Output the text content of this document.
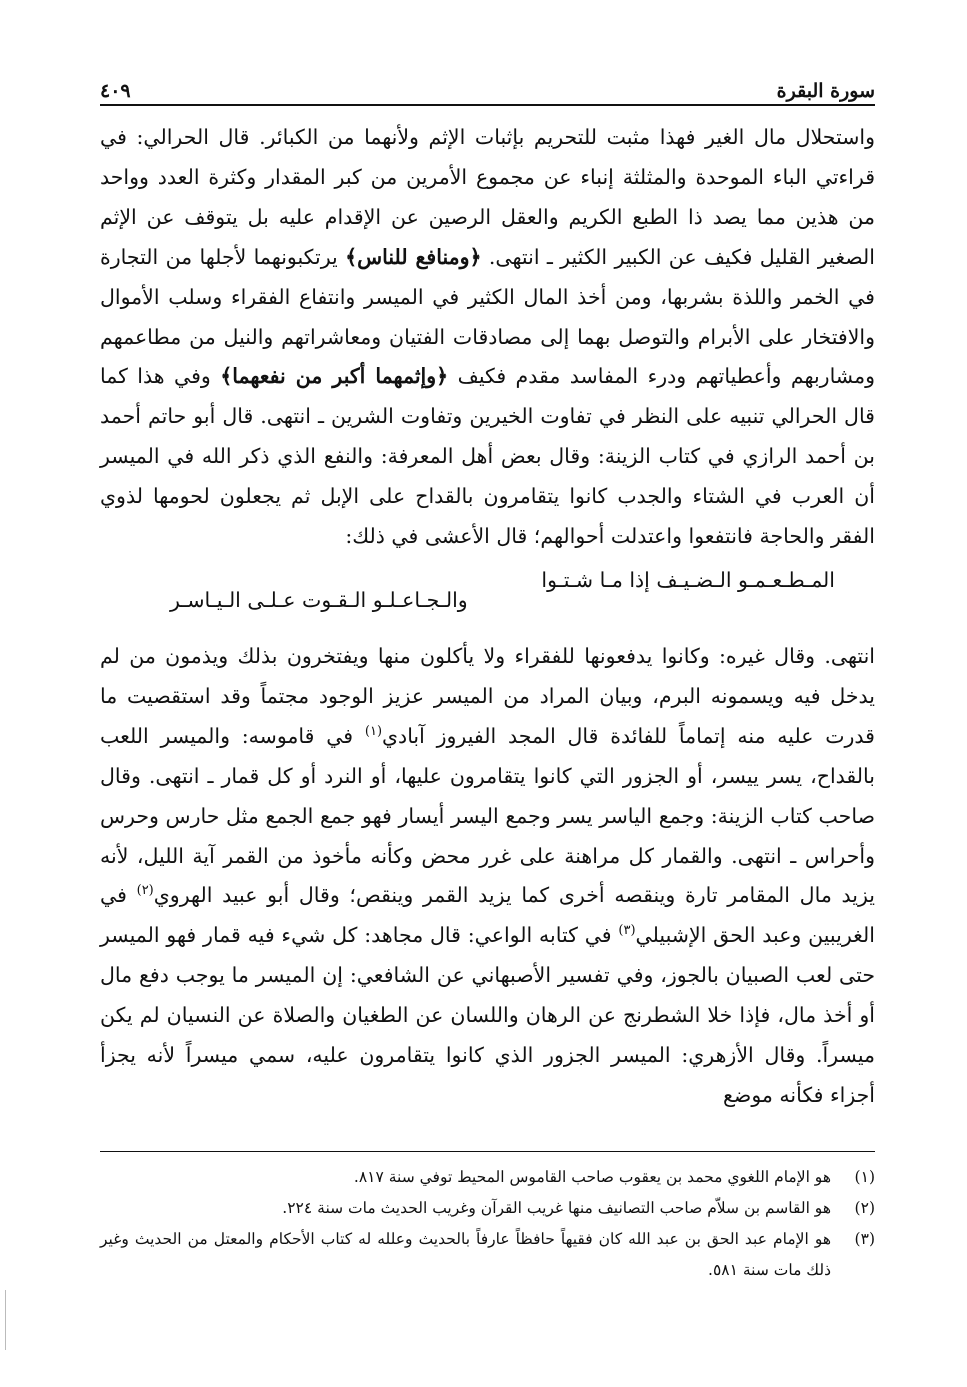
سورة البقرة
٤٠٩

واستحلال مال الغير فهذا مثبت للتحريم بإثبات الإثم ولأنهما من الكبائر. قال الحرالي: في قراءتي الباء الموحدة والمثلثة إنباء عن مجموع الأمرين من كبر المقدار وكثرة العدد وواحد من هذين مما يصد ذا الطبع الكريم والعقل الرصين عن الإقدام عليه بل يتوقف عن الإثم الصغير القليل فكيف عن الكبير الكثير ـ انتهى. ﴿ومنافع للناس﴾ يرتكبونهما لأجلها من التجارة في الخمر واللذة بشربها، ومن أخذ المال الكثير في الميسر وانتفاع الفقراء وسلب الأموال والافتخار على الأبرام والتوصل بهما إلى مصادقات الفتيان ومعاشراتهم والنيل من مطاعمهم ومشاربهم وأعطياتهم ودرء المفاسد مقدم فكيف ﴿وإثمهما أكبر من نفعهما﴾ وفي هذا كما قال الحرالي تنبيه على النظر في تفاوت الخيرين وتفاوت الشرين ـ انتهى. قال أبو حاتم أحمد بن أحمد الرازي في كتاب الزينة: وقال بعض أهل المعرفة: والنفع الذي ذكر الله في الميسر أن العرب في الشتاء والجدب كانوا يتقامرون بالقداح على الإبل ثم يجعلون لحومها لذوي الفقر والحاجة فانتفعوا واعتدلت أحوالهم؛ قال الأعشى في ذلك:

المـطـعـمـو الـضـيـف إذا مـا شـتـوا
والـجـاعـلـو الـقـوت عـلـى الـيـاسـر

انتهى. وقال غيره: وكانوا يدفعونها للفقراء ولا يأكلون منها ويفتخرون بذلك ويذمون من لم يدخل فيه ويسمونه البرم، وبيان المراد من الميسر عزيز الوجود مجتماً وقد استقصيت ما قدرت عليه منه إتماماً للفائدة قال المجد الفيروز آبادي$^{(١)}$ في قاموسه: والميسر اللعب بالقداح، يسر ييسر، أو الجزور التي كانوا يتقامرون عليها، أو النرد أو كل قمار ـ انتهى. وقال صاحب كتاب الزينة: وجمع الياسر يسر وجمع اليسر أيسار فهو جمع الجمع مثل حارس وحرس وأحراس ـ انتهى. والقمار كل مراهنة على غرر محض وكأنه مأخوذ من القمر آية الليل، لأنه يزيد مال المقامر تارة وينقصه أخرى كما يزيد القمر وينقص؛ وقال أبو عبيد الهروي$^{(٢)}$ في الغريبين وعبد الحق الإشبيلي$^{(٣)}$ في كتابه الواعي: قال مجاهد: كل شيء فيه قمار فهو الميسر حتى لعب الصبيان بالجوز، وفي تفسير الأصبهاني عن الشافعي: إن الميسر ما يوجب دفع مال أو أخذ مال، فإذا خلا الشطرنج عن الرهان واللسان عن الطغيان والصلاة عن النسيان لم يكن ميسراً. وقال الأزهري: الميسر الجزور الذي كانوا يتقامرون عليه، سمي ميسراً لأنه يجزأ أجزاء فكأنه موضع

(١)
هو الإمام اللغوي محمد بن يعقوب صاحب القاموس المحيط توفي سنة ٨١٧.
(٢)
هو القاسم بن سلاّم صاحب التصانيف منها غريب القرآن وغريب الحديث مات سنة ٢٢٤.
(٣)
هو الإمام عبد الحق بن عبد الله كان فقيهاً حافظاً عارفاً بالحديث وعلله له كتاب الأحكام والمعتل من الحديث وغير ذلك مات سنة ٥٨١.
